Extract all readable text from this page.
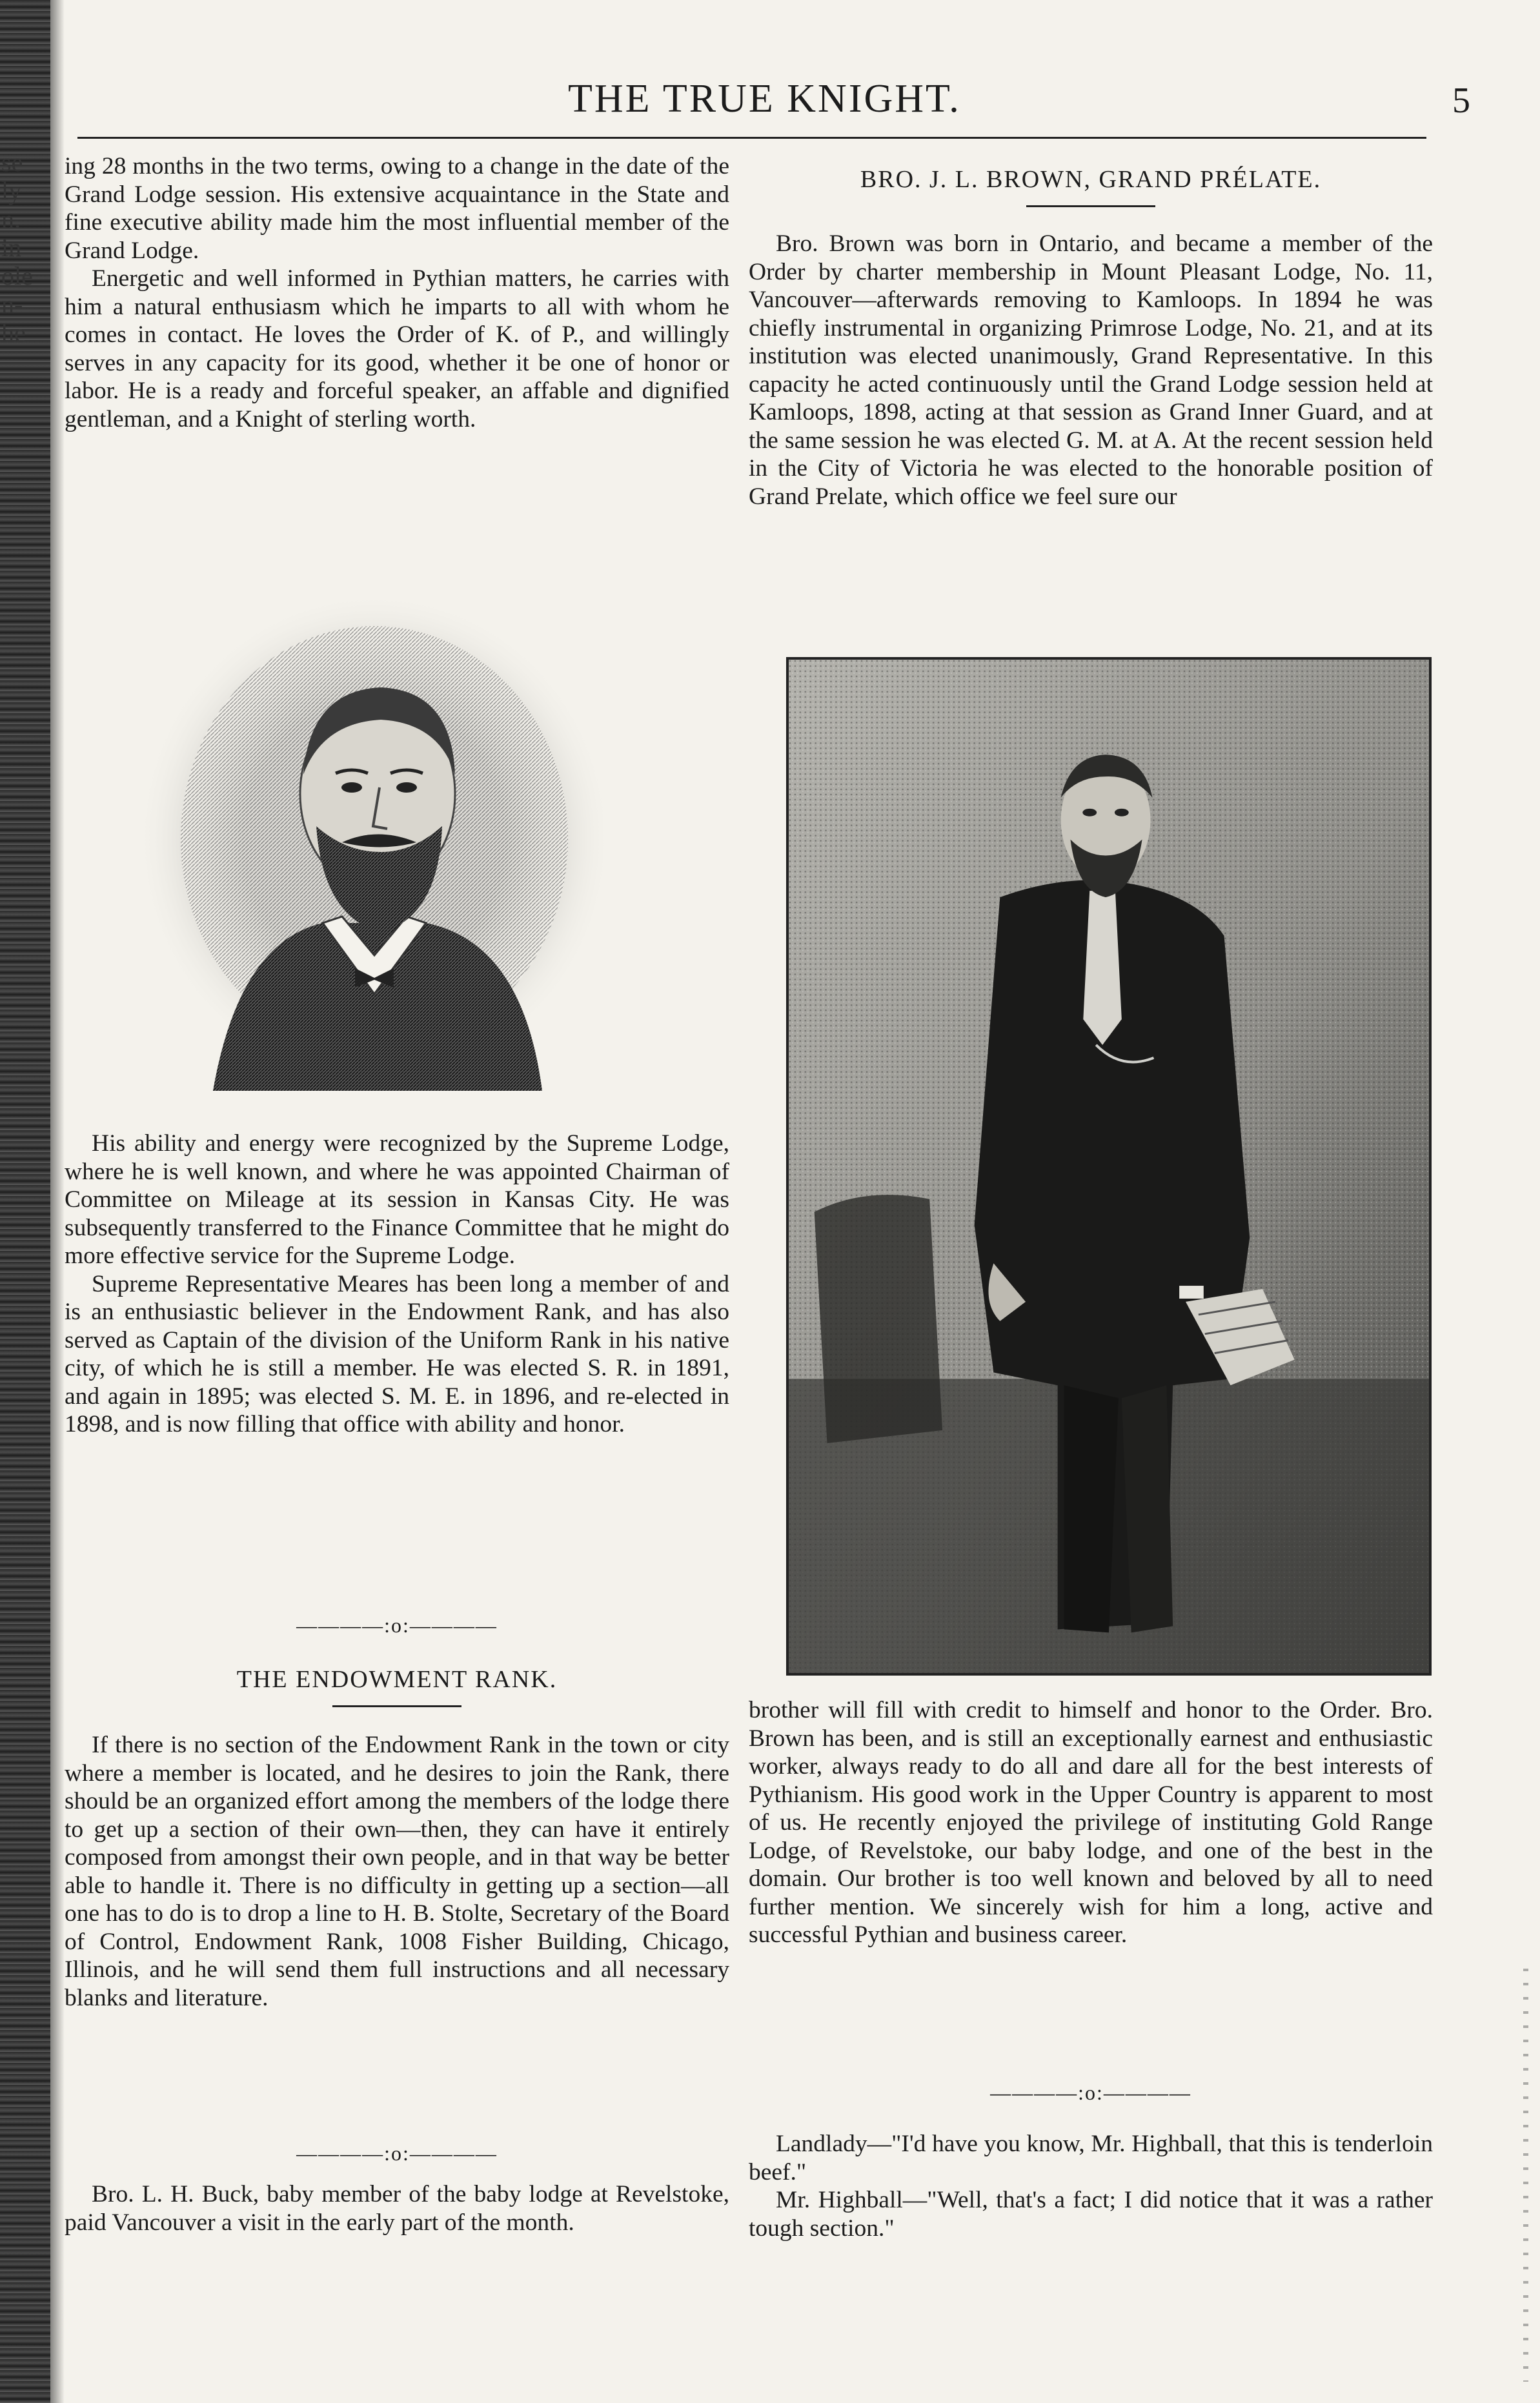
se
ly
n.
in
ole
n-
he
THE TRUE KNIGHT.	5

ing 28 months in the two terms, owing to a change in the date of the Grand Lodge session. His extensive acquaintance in the State and fine executive ability made him the most influential member of the Grand Lodge.

Energetic and well informed in Pythian matters, he carries with him a natural enthusiasm which he imparts to all with whom he comes in contact. He loves the Order of K. of P., and willingly serves in any capacity for its good, whether it be one of honor or labor. He is a ready and forceful speaker, an affable and dignified gentleman, and a Knight of sterling worth.

His ability and energy were recognized by the Supreme Lodge, where he is well known, and where he was appointed Chairman of Committee on Mileage at its session in Kansas City. He was subsequently transferred to the Finance Committee that he might do more effective service for the Supreme Lodge.

Supreme Representative Meares has been long a member of and is an enthusiastic believer in the Endowment Rank, and has also served as Captain of the division of the Uniform Rank in his native city, of which he is still a member. He was elected S. R. in 1891, and again in 1895; was elected S. M. E. in 1896, and re-elected in 1898, and is now filling that office with ability and honor.

————:o:————
THE ENDOWMENT RANK.

If there is no section of the Endowment Rank in the town or city where a member is located, and he desires to join the Rank, there should be an organized effort among the members of the lodge there to get up a section of their own—then, they can have it entirely composed from amongst their own people, and in that way be better able to handle it. There is no difficulty in getting up a section—all one has to do is to drop a line to H. B. Stolte, Secretary of the Board of Control, Endowment Rank, 1008 Fisher Building, Chicago, Illinois, and he will send them full instructions and all necessary blanks and literature.

————:o:————

Bro. L. H. Buck, baby member of the baby lodge at Revelstoke, paid Vancouver a visit in the early part of the month.

BRO. J. L. BROWN, GRAND PRÉLATE.

Bro. Brown was born in Ontario, and became a member of the Order by charter membership in Mount Pleasant Lodge, No. 11, Vancouver—afterwards removing to Kamloops. In 1894 he was chiefly instrumental in organizing Primrose Lodge, No. 21, and at its institution was elected unanimously, Grand Representative. In this capacity he acted continuously until the Grand Lodge session held at Kamloops, 1898, acting at that session as Grand Inner Guard, and at the same session he was elected G. M. at A. At the recent session held in the City of Victoria he was elected to the honorable position of Grand Prelate, which office we feel sure our

brother will fill with credit to himself and honor to the Order. Bro. Brown has been, and is still an exceptionally earnest and enthusiastic worker, always ready to do all and dare all for the best interests of Pythianism. His good work in the Upper Country is apparent to most of us. He recently enjoyed the privilege of instituting Gold Range Lodge, of Revelstoke, our baby lodge, and one of the best in the domain. Our brother is too well known and beloved by all to need further mention. We sincerely wish for him a long, active and successful Pythian and business career.

————:o:————

Landlady—"I'd have you know, Mr. Highball, that this is tenderloin beef."

Mr. Highball—"Well, that's a fact; I did notice that it was a rather tough section."
